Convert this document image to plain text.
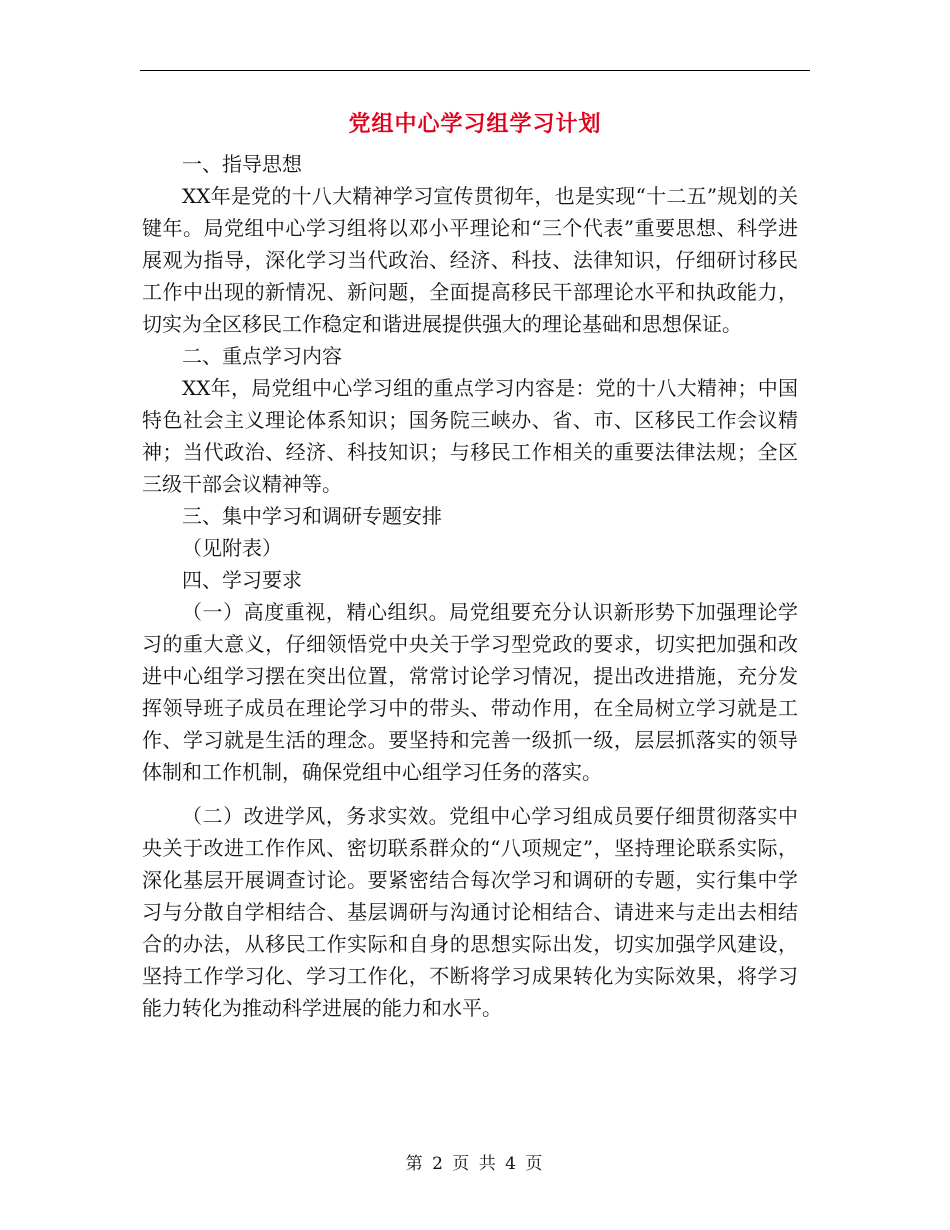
党组中心学习组学习计划

一、指导思想

XX年是党的十八大精神学习宣传贯彻年，也是实现“十二五”规划的关键年。局党组中心学习组将以邓小平理论和“三个代表”重要思想、科学进展观为指导，深化学习当代政治、经济、科技、法律知识，仔细研讨移民工作中出现的新情况、新问题，全面提高移民干部理论水平和执政能力，切实为全区移民工作稳定和谐进展提供强大的理论基础和思想保证。

二、重点学习内容

XX年，局党组中心学习组的重点学习内容是：党的十八大精神；中国特色社会主义理论体系知识；国务院三峡办、省、市、区移民工作会议精神；当代政治、经济、科技知识；与移民工作相关的重要法律法规；全区三级干部会议精神等。

三、集中学习和调研专题安排

（见附表）

四、学习要求

（一）高度重视，精心组织。局党组要充分认识新形势下加强理论学习的重大意义，仔细领悟党中央关于学习型党政的要求，切实把加强和改进中心组学习摆在突出位置，常常讨论学习情况，提出改进措施，充分发挥领导班子成员在理论学习中的带头、带动作用，在全局树立学习就是工作、学习就是生活的理念。要坚持和完善一级抓一级，层层抓落实的领导体制和工作机制，确保党组中心组学习任务的落实。

（二）改进学风，务求实效。党组中心学习组成员要仔细贯彻落实中央关于改进工作作风、密切联系群众的“八项规定”，坚持理论联系实际，深化基层开展调查讨论。要紧密结合每次学习和调研的专题，实行集中学习与分散自学相结合、基层调研与沟通讨论相结合、请进来与走出去相结合的办法，从移民工作实际和自身的思想实际出发，切实加强学风建设，坚持工作学习化、学习工作化，不断将学习成果转化为实际效果，将学习能力转化为推动科学进展的能力和水平。

第 2 页 共 4 页
